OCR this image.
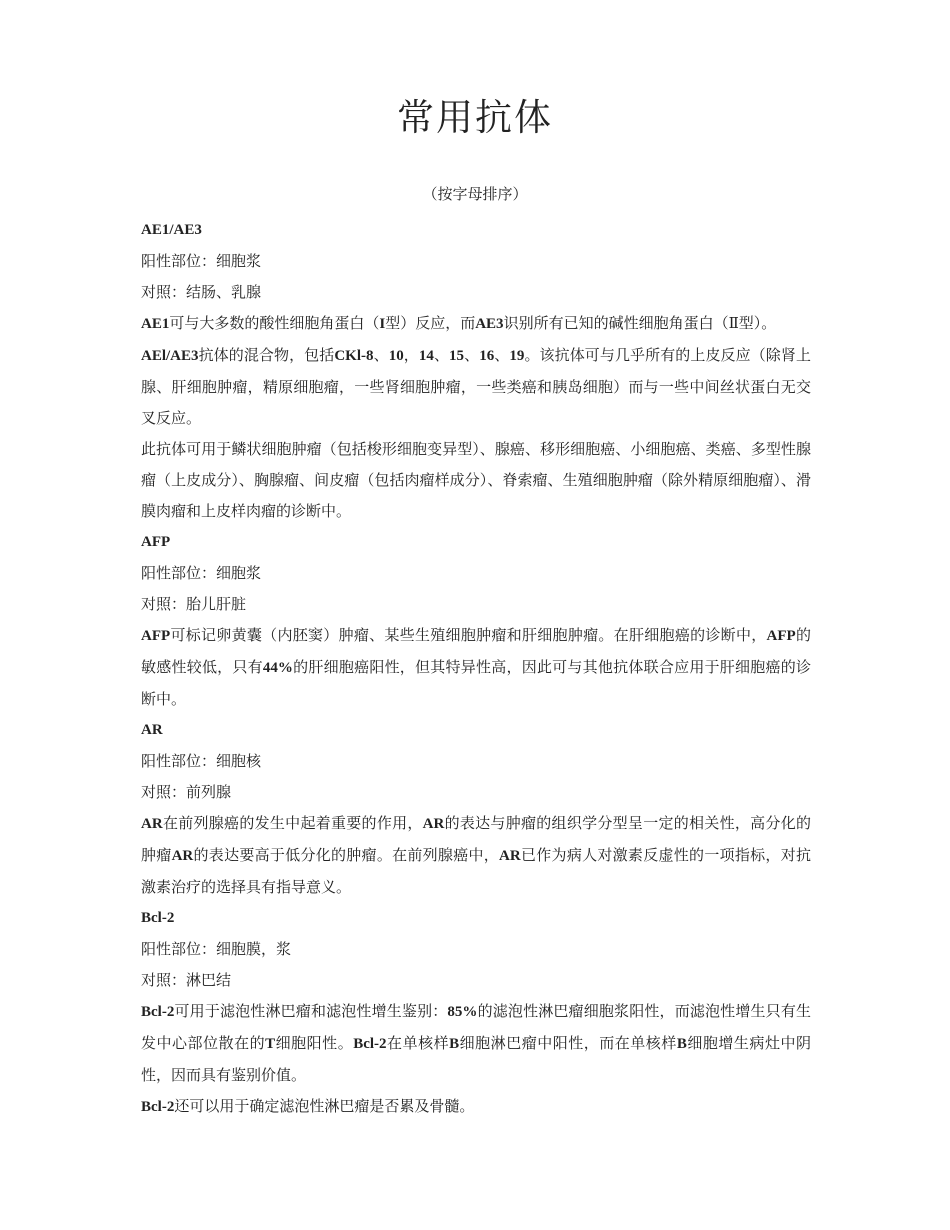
常用抗体
（按字母排序）

AE1/AE3

阳性部位：细胞浆

对照：结肠、乳腺

AE1可与大多数的酸性细胞角蛋白（I型）反应，而AE3识别所有已知的碱性细胞角蛋白（Ⅱ型）。

AEl/AE3抗体的混合物，包括CKl-8、10，14、15、16、19。该抗体可与几乎所有的上皮反应（除肾上腺、肝细胞肿瘤，精原细胞瘤，一些肾细胞肿瘤，一些类癌和胰岛细胞）而与一些中间丝状蛋白无交叉反应。

此抗体可用于鳞状细胞肿瘤（包括梭形细胞变异型）、腺癌、移形细胞癌、小细胞癌、类癌、多型性腺瘤（上皮成分）、胸腺瘤、间皮瘤（包括肉瘤样成分）、脊索瘤、生殖细胞肿瘤（除外精原细胞瘤）、滑膜肉瘤和上皮样肉瘤的诊断中。

AFP

阳性部位：细胞浆

对照：胎儿肝脏

AFP可标记卵黄囊（内胚窦）肿瘤、某些生殖细胞肿瘤和肝细胞肿瘤。在肝细胞癌的诊断中，AFP的敏感性较低，只有44%的肝细胞癌阳性，但其特异性高，因此可与其他抗体联合应用于肝细胞癌的诊断中。

AR

阳性部位：细胞核

对照：前列腺

AR在前列腺癌的发生中起着重要的作用，AR的表达与肿瘤的组织学分型呈一定的相关性，高分化的肿瘤AR的表达要高于低分化的肿瘤。在前列腺癌中，AR已作为病人对激素反虚性的一项指标，对抗激素治疗的选择具有指导意义。

Bcl-2

阳性部位：细胞膜，浆

对照：淋巴结

Bcl-2可用于滤泡性淋巴瘤和滤泡性增生鉴别：85%的滤泡性淋巴瘤细胞浆阳性，而滤泡性增生只有生发中心部位散在的T细胞阳性。Bcl-2在单核样B细胞淋巴瘤中阳性，而在单核样B细胞增生病灶中阴性，因而具有鉴别价值。

Bcl-2还可以用于确定滤泡性淋巴瘤是否累及骨髓。
